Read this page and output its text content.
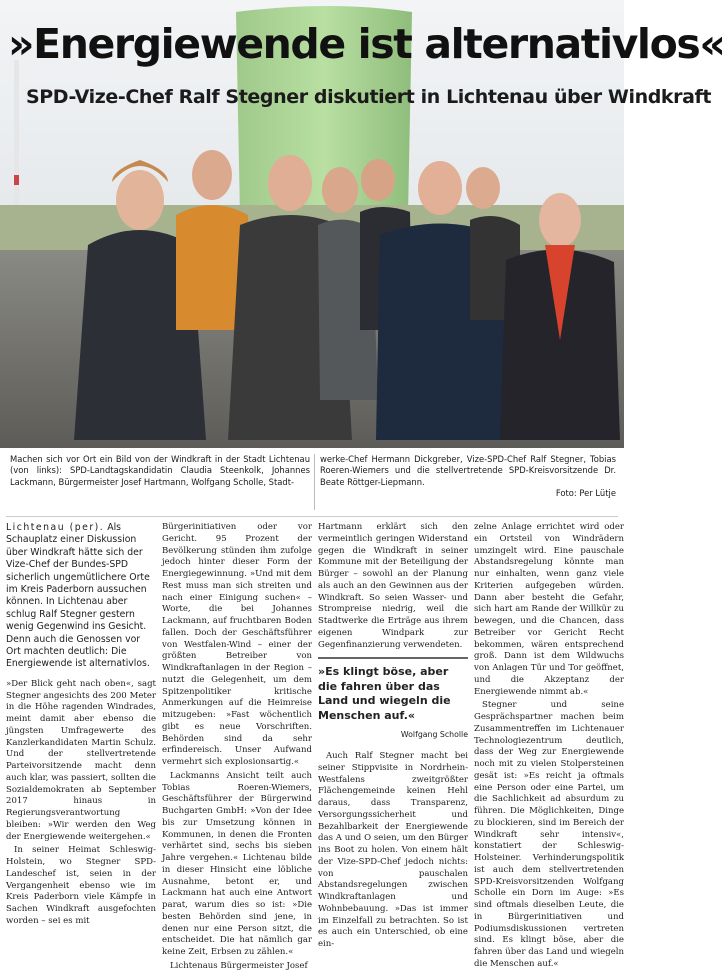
»Energiewende ist alternativlos«
SPD-Vize-Chef Ralf Stegner diskutiert in Lichtenau über Windkraft
Machen sich vor Ort ein Bild von der Windkraft in der Stadt Lichtenau (von links): SPD-Landtagskandidatin Claudia Steenkolk, Johannes Lackmann, Bürgermeister Josef Hartmann, Wolfgang Scholle, Stadt-
werke-Chef Hermann Dickgreber, Vize-SPD-Chef Ralf Stegner, Tobias Roeren-Wiemers und die stellvertretende SPD-Kreisvorsitzende Dr. Beate Röttger-Liepmann.
Foto: Per Lütje
Lichtenau (per). Als Schauplatz einer Diskussion über Windkraft hätte sich der Vize-Chef der Bundes-SPD sicherlich ungemütlichere Orte im Kreis Paderborn aussuchen können. In Lichtenau aber schlug Ralf Stegner gestern wenig Gegenwind ins Gesicht. Denn auch die Genossen vor Ort machten deutlich: Die Energiewende ist alternativlos.

»Der Blick geht nach oben«, sagt Stegner angesichts des 200 Meter in die Höhe ragenden Windrades, meint damit aber ebenso die jüngsten Umfragewerte des Kanzlerkandidaten Martin Schulz. Und der stellvertretende Parteivorsitzende macht denn auch klar, was passiert, sollten die Sozialdemokraten ab September 2017 hinaus in Regierungsverantwortung bleiben: »Wir werden den Weg der Energiewende weitergehen.«

In seiner Heimat Schleswig-Holstein, wo Stegner SPD-Landeschef ist, seien in der Vergangenheit ebenso wie im Kreis Paderborn viele Kämpfe in Sachen Windkraft ausgefochten worden – sei es mit

Bürgerinitiativen oder vor Gericht. 95 Prozent der Bevölkerung stünden ihm zufolge jedoch hinter dieser Form der Energiegewinnung. »Und mit dem Rest muss man sich streiten und nach einer Einigung suchen« – Worte, die bei Johannes Lackmann, auf fruchtbaren Boden fallen. Doch der Geschäftsführer von Westfalen-Wind – einer der größten Betreiber von Windkraftanlagen in der Region – nutzt die Gelegenheit, um dem Spitzenpolitiker kritische Anmerkungen auf die Heimreise mitzugeben: »Fast wöchentlich gibt es neue Vorschriften. Behörden sind da sehr erfindereisch. Unser Aufwand vermehrt sich explosionsartig.«

Lackmanns Ansicht teilt auch Tobias Roeren-Wiemers, Geschäftsführer der Bürgerwind Buchgarten GmbH: »Von der Idee bis zur Umsetzung können in Kommunen, in denen die Fronten verhärtet sind, sechs bis sieben Jahre vergehen.« Lichtenau bilde in dieser Hinsicht eine löbliche Ausnahme, betont er, und Lackmann hat auch eine Antwort parat, warum dies so ist: »Die besten Behörden sind jene, in denen nur eine Person sitzt, die entscheidet. Die hat nämlich gar keine Zeit, Erbsen zu zählen.«

Lichtenaus Bürgermeister Josef

Hartmann erklärt sich den vermeintlich geringen Widerstand gegen die Windkraft in seiner Kommune mit der Beteiligung der Bürger – sowohl an der Planung als auch an den Gewinnen aus der Windkraft. So seien Wasser- und Strompreise niedrig, weil die Stadtwerke die Erträge aus ihrem eigenen Windpark zur Gegenfinanzierung verwendeten.

»Es klingt böse, aber die fahren über das Land und wiegeln die Menschen auf.«
Wolfgang Scholle

Auch Ralf Stegner macht bei seiner Stippvisite in Nordrhein-Westfalens zweitgrößter Flächengemeinde keinen Hehl daraus, dass Transparenz, Versorgungssicherheit und Bezahlbarkeit der Energiewende das A und O seien, um den Bürger ins Boot zu holen. Von einem hält der Vize-SPD-Chef jedoch nichts: von pauschalen Abstandsregelungen zwischen Windkraftanlagen und Wohnbebauung. »Das ist immer im Einzelfall zu betrachten. So ist es auch ein Unterschied, ob eine ein-

zelne Anlage errichtet wird oder ein Ortsteil von Windrädern umzingelt wird. Eine pauschale Abstandsregelung könnte man nur einhalten, wenn ganz viele Kriterien aufgegeben würden. Dann aber besteht die Gefahr, sich hart am Rande der Willkür zu bewegen, und die Chancen, dass Betreiber vor Gericht Recht bekommen, wären entsprechend groß. Dann ist dem Wildwuchs von Anlagen Tür und Tor geöffnet, und die Akzeptanz der Energiewende nimmt ab.«

Stegner und seine Gesprächspartner machen beim Zusammentreffen im Lichtenauer Technologiezentrum deutlich, dass der Weg zur Energiewende noch mit zu vielen Stolpersteinen gesät ist: »Es reicht ja oftmals eine Person oder eine Partei, um die Sachlichkeit ad absurdum zu führen. Die Möglichkeiten, Dinge zu blockieren, sind im Bereich der Windkraft sehr intensiv«, konstatiert der Schleswig-Holsteiner. Verhinderungspolitik ist auch dem stellvertretenden SPD-Kreisvorsitzenden Wolfgang Scholle ein Dorn im Auge: »Es sind oftmals dieselben Leute, die in Bürgerinitiativen und Podiumsdiskussionen vertreten sind. Es klingt böse, aber die fahren über das Land und wiegeln die Menschen auf.«
